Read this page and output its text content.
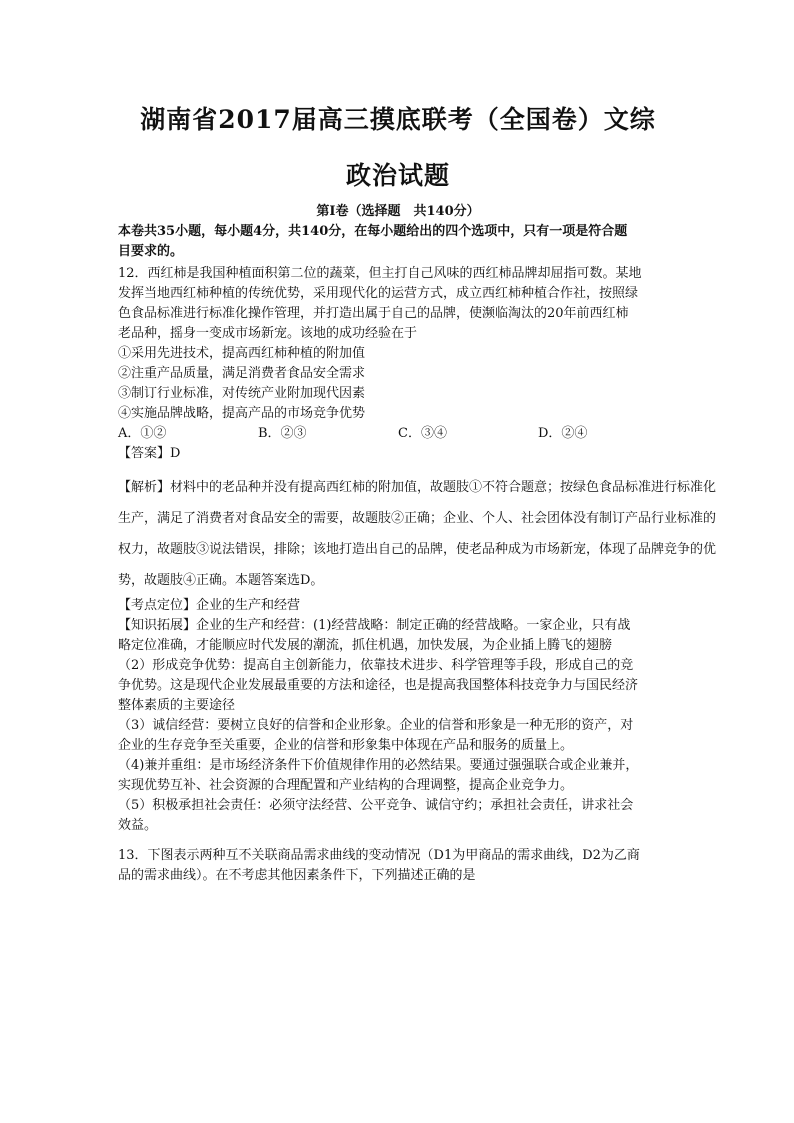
湖南省2017届高三摸底联考（全国卷）文综
政治试题
第Ⅰ卷（选择题　共140分）
本卷共35小题，每小题4分，共140分，在每小题给出的四个选项中，只有一项是符合题
目要求的。
12．西红柿是我国种植面积第二位的蔬菜，但主打自己风味的西红柿品牌却屈指可数。某地
发挥当地西红柿种植的传统优势，采用现代化的运营方式，成立西红柿种植合作社，按照绿
色食品标准进行标准化操作管理，并打造出属于自己的品牌，使濒临淘汰的20年前西红柿
老品种，摇身一变成市场新宠。该地的成功经验在于
①采用先进技术，提高西红柿种植的附加值
②注重产品质量，满足消费者食品安全需求
③制订行业标准，对传统产业附加现代因素
④实施品牌战略，提高产品的市场竞争优势
A．①②	B．②③	C．③④	D．②④
【答案】D
【解析】材料中的老品种并没有提高西红柿的附加值，故题肢①不符合题意；按绿色食品标准进行标准化
生产，满足了消费者对食品安全的需要，故题肢②正确；企业、个人、社会团体没有制订产品行业标准的
权力，故题肢③说法错误，排除；该地打造出自己的品牌，使老品种成为市场新宠，体现了品牌竞争的优
势，故题肢④正确。本题答案选D。
【考点定位】企业的生产和经营
【知识拓展】企业的生产和经营：(1)经营战略：制定正确的经营战略。一家企业，只有战
略定位准确，才能顺应时代发展的潮流，抓住机遇，加快发展，为企业插上腾飞的翅膀
（2）形成竞争优势：提高自主创新能力，依靠技术进步、科学管理等手段，形成自己的竞
争优势。这是现代企业发展最重要的方法和途径，也是提高我国整体科技竞争力与国民经济
整体素质的主要途径
（3）诚信经营：要树立良好的信誉和企业形象。企业的信誉和形象是一种无形的资产，对
企业的生存竞争至关重要，企业的信誉和形象集中体现在产品和服务的质量上。
（4)兼并重组：是市场经济条件下价值规律作用的必然结果。要通过强强联合或企业兼并，
实现优势互补、社会资源的合理配置和产业结构的合理调整，提高企业竞争力。
（5）积极承担社会责任：必须守法经营、公平竞争、诚信守约；承担社会责任，讲求社会
效益。
13．下图表示两种互不关联商品需求曲线的变动情况（D1为甲商品的需求曲线，D2为乙商
品的需求曲线）。在不考虑其他因素条件下，下列描述正确的是
